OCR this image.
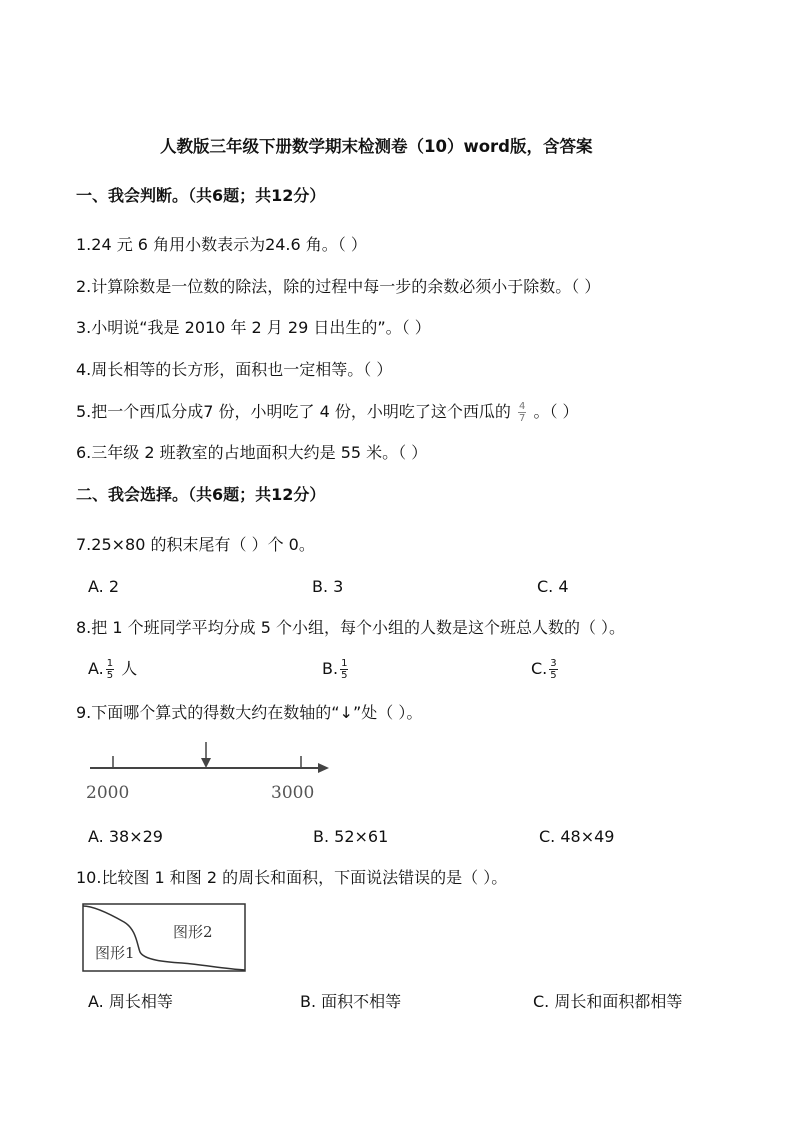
人教版三年级下册数学期末检测卷（10）word版，含答案
一、我会判断。（共6题；共12分）
1.24 元 6 角用小数表示为24.6 角。（ ）
2.计算除数是一位数的除法，除的过程中每一步的余数必须小于除数。（ ）
3.小明说“我是 2010 年 2 月 29 日出生的”。（ ）
4.周长相等的长方形，面积也一定相等。（ ）
5.把一个西瓜分成7 份，小明吃了 4 份，小明吃了这个西瓜的 $\frac{4}{7}$ 。（ ）
6.三年级 2 班教室的占地面积大约是 55 米。（ ）
二、我会选择。（共6题；共12分）
7.25×80 的积末尾有（ ）个 0。
A. 2	B. 3	C. 4
8.把 1 个班同学平均分成 5 个小组，每个小组的人数是这个班总人数的（ ）。
A. $\frac{1}{5}$ 人	B. $\frac{1}{5}$	C. $\frac{3}{5}$
9.下面哪个算式的得数大约在数轴的“↓”处（ ）。
2000	3000
A. 38×29	B. 52×61	C. 48×49
10.比较图 1 和图 2 的周长和面积，下面说法错误的是（ ）。
图形2
图形1
A. 周长相等	B. 面积不相等	C. 周长和面积都相等
